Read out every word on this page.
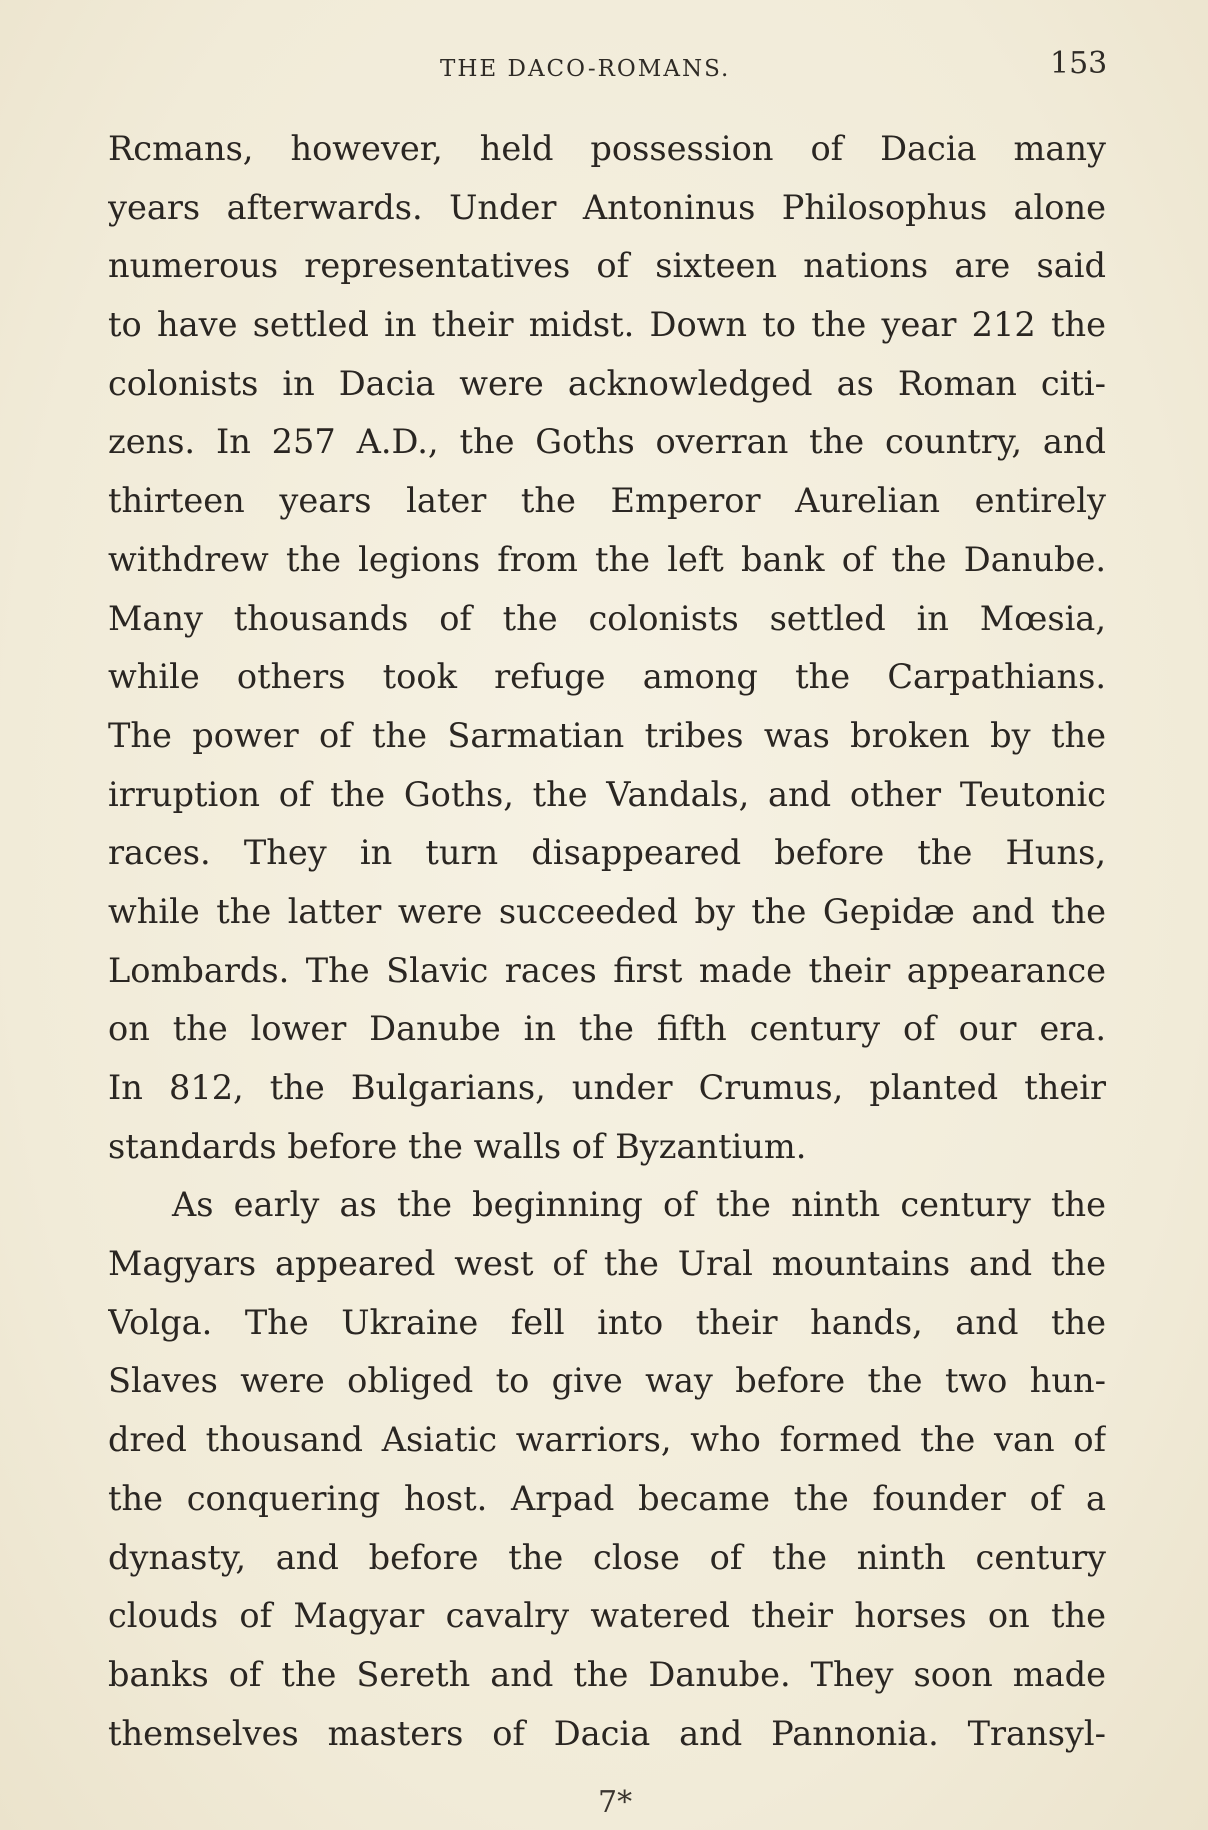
THE DACO-ROMANS.	153
Rcmans, however, held possession of Dacia many
years afterwards. Under Antoninus Philosophus alone
numerous representatives of sixteen nations are said
to have settled in their midst. Down to the year 212 the
colonists in Dacia were acknowledged as Roman citi-
zens. In 257 A.D., the Goths overran the country, and
thirteen years later the Emperor Aurelian entirely
withdrew the legions from the left bank of the Danube.
Many thousands of the colonists settled in Mœsia,
while others took refuge among the Carpathians.
The power of the Sarmatian tribes was broken by the
irruption of the Goths, the Vandals, and other Teutonic
races. They in turn disappeared before the Huns,
while the latter were succeeded by the Gepidæ and the
Lombards. The Slavic races first made their appearance
on the lower Danube in the fifth century of our era.
In 812, the Bulgarians, under Crumus, planted their
standards before the walls of Byzantium.
As early as the beginning of the ninth century the
Magyars appeared west of the Ural mountains and the
Volga. The Ukraine fell into their hands, and the
Slaves were obliged to give way before the two hun-
dred thousand Asiatic warriors, who formed the van of
the conquering host. Arpad became the founder of a
dynasty, and before the close of the ninth century
clouds of Magyar cavalry watered their horses on the
banks of the Sereth and the Danube. They soon made
themselves masters of Dacia and Pannonia. Transyl-
7*
